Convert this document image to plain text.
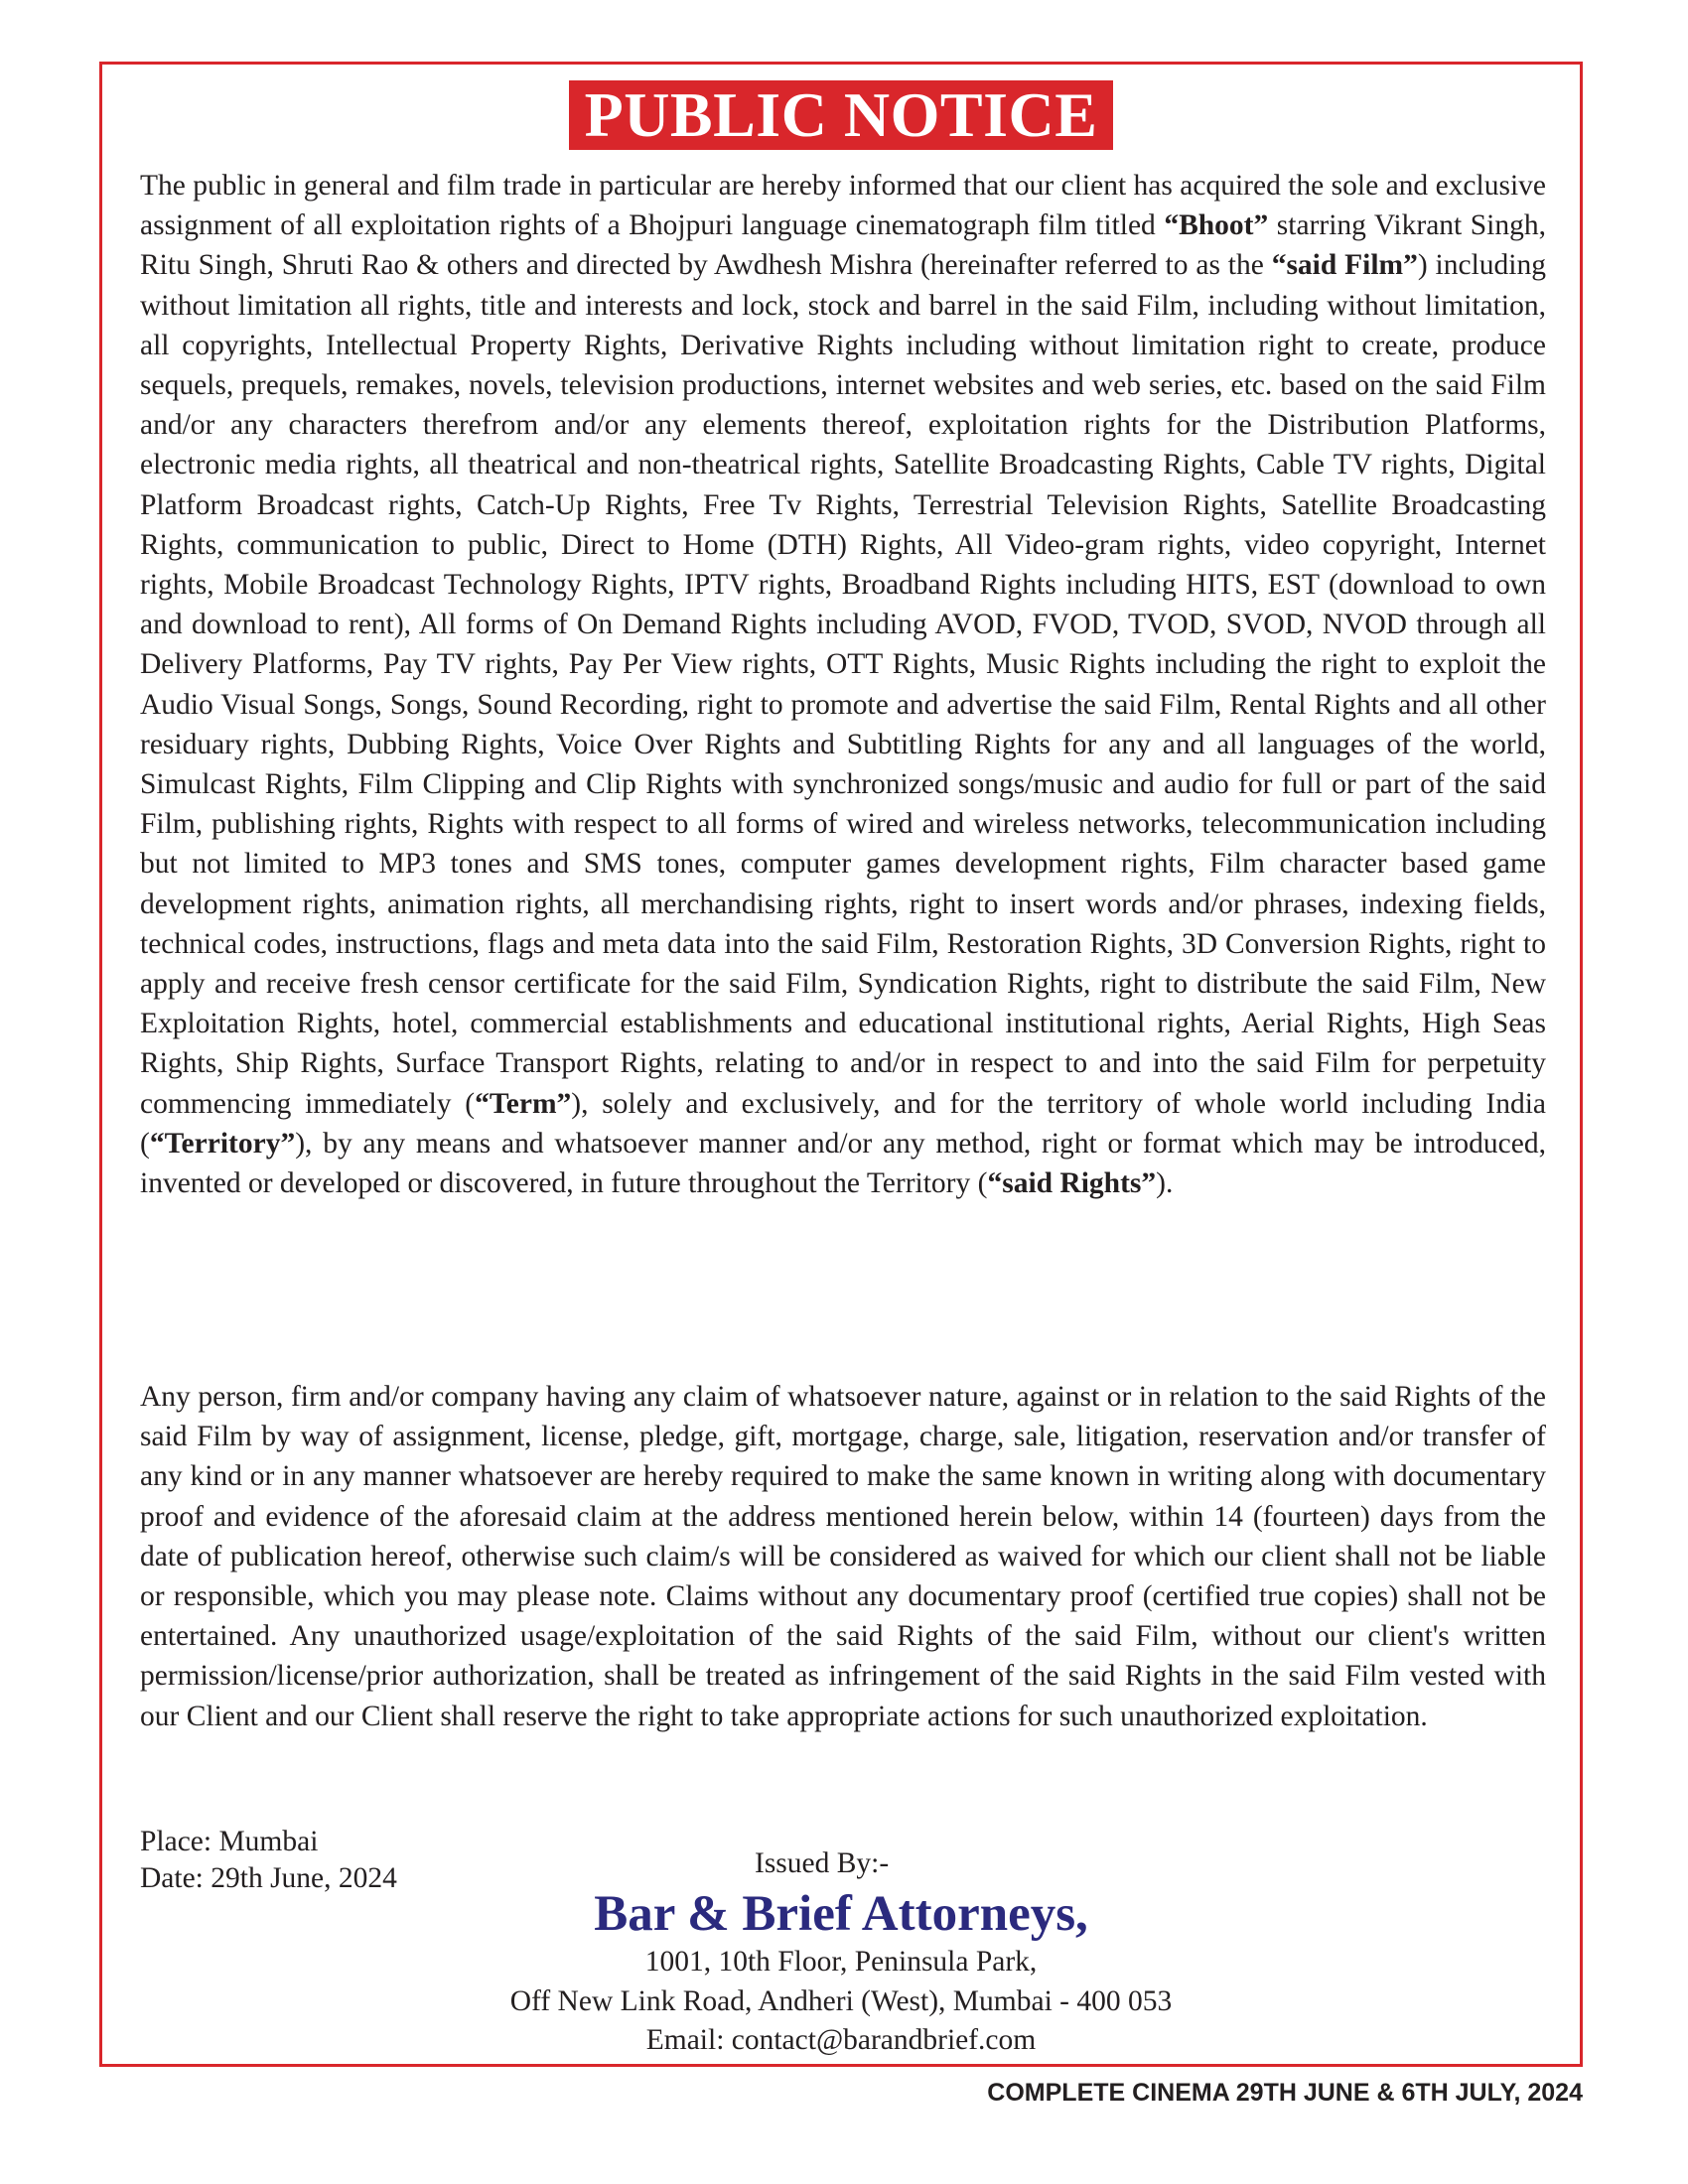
PUBLIC NOTICE
The public in general and film trade in particular are hereby informed that our client has acquired the sole and exclusive assignment of all exploitation rights of a Bhojpuri language cinematograph film titled “Bhoot” starring Vikrant Singh, Ritu Singh, Shruti Rao & others and directed by Awdhesh Mishra (hereinafter referred to as the “said Film”) including without limitation all rights, title and interests and lock, stock and barrel in the said Film, including without limitation, all copyrights, Intellectual Property Rights, Derivative Rights including without limitation right to create, produce sequels, prequels, remakes, novels, television productions, internet websites and web series, etc. based on the said Film and/or any characters therefrom and/or any elements thereof, exploitation rights for the Distribution Platforms, electronic media rights, all theatrical and non-theatrical rights, Satellite Broadcasting Rights, Cable TV rights, Digital Platform Broadcast rights, Catch-Up Rights, Free Tv Rights, Terrestrial Television Rights, Satellite Broadcasting Rights, communication to public, Direct to Home (DTH) Rights, All Video-gram rights, video copyright, Internet rights, Mobile Broadcast Technology Rights, IPTV rights, Broadband Rights including HITS, EST (download to own and download to rent), All forms of On Demand Rights including AVOD, FVOD, TVOD, SVOD, NVOD through all Delivery Platforms, Pay TV rights, Pay Per View rights, OTT Rights, Music Rights including the right to exploit the Audio Visual Songs, Songs, Sound Recording, right to promote and advertise the said Film, Rental Rights and all other residuary rights, Dubbing Rights, Voice Over Rights and Subtitling Rights for any and all languages of the world, Simulcast Rights, Film Clipping and Clip Rights with synchronized songs/music and audio for full or part of the said Film, publishing rights, Rights with respect to all forms of wired and wireless networks, telecommunication including but not limited to MP3 tones and SMS tones, computer games development rights, Film character based game development rights, animation rights, all merchandising rights, right to insert words and/or phrases, indexing fields, technical codes, instructions, flags and meta data into the said Film, Restoration Rights, 3D Conversion Rights, right to apply and receive fresh censor certificate for the said Film, Syndication Rights, right to distribute the said Film, New Exploitation Rights, hotel, commercial establishments and educational institutional rights, Aerial Rights, High Seas Rights, Ship Rights, Surface Transport Rights, relating to and/or in respect to and into the said Film for perpetuity commencing immediately (“Term”), solely and exclusively, and for the territory of whole world including India (“Territory”), by any means and whatsoever manner and/or any method, right or format which may be introduced, invented or developed or discovered, in future throughout the Territory (“said Rights”).
Any person, firm and/or company having any claim of whatsoever nature, against or in relation to the said Rights of the said Film by way of assignment, license, pledge, gift, mortgage, charge, sale, litigation, reservation and/or transfer of any kind or in any manner whatsoever are hereby required to make the same known in writing along with documentary proof and evidence of the aforesaid claim at the address mentioned herein below, within 14 (fourteen) days from the date of publication hereof, otherwise such claim/s will be considered as waived for which our client shall not be liable or responsible, which you may please note. Claims without any documentary proof (certified true copies) shall not be entertained. Any unauthorized usage/exploitation of the said Rights of the said Film, without our client's written permission/license/prior authorization, shall be treated as infringement of the said Rights in the said Film vested with our Client and our Client shall reserve the right to take appropriate actions for such unauthorized exploitation.
Place: Mumbai
Date: 29th June, 2024	Issued By:-
Bar & Brief Attorneys,
1001, 10th Floor, Peninsula Park,
Off New Link Road, Andheri (West), Mumbai - 400 053
Email: contact@barandbrief.com
COMPLETE CINEMA 29TH JUNE & 6TH JULY, 2024
